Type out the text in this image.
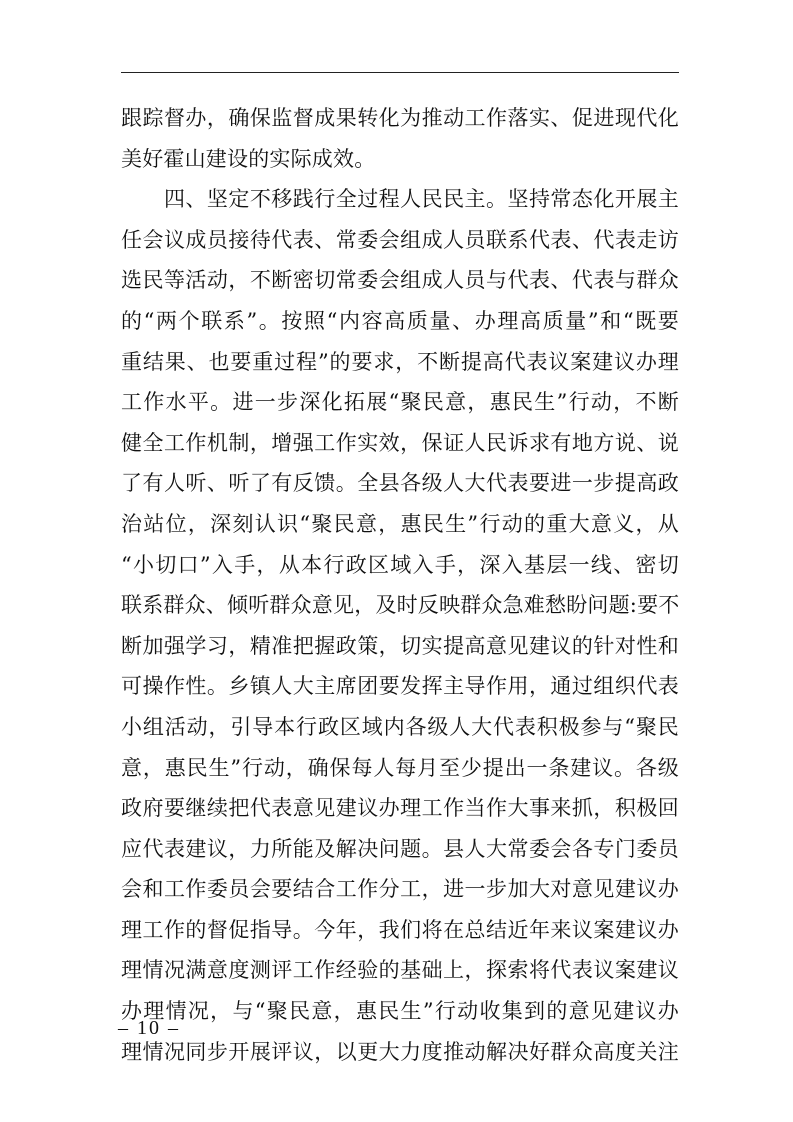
跟踪督办，确保监督成果转化为推动工作落实、促进现代化
美好霍山建设的实际成效。
　　四、坚定不移践行全过程人民民主。坚持常态化开展主
任会议成员接待代表、常委会组成人员联系代表、代表走访
选民等活动，不断密切常委会组成人员与代表、代表与群众
的“两个联系”。按照“内容高质量、办理高质量”和“既要
重结果、也要重过程”的要求，不断提高代表议案建议办理
工作水平。进一步深化拓展“聚民意，惠民生”行动，不断
健全工作机制，增强工作实效，保证人民诉求有地方说、说
了有人听、听了有反馈。全县各级人大代表要进一步提高政
治站位，深刻认识“聚民意，惠民生”行动的重大意义，从
“小切口”入手，从本行政区域入手，深入基层一线、密切
联系群众、倾听群众意见，及时反映群众急难愁盼问题:要不
断加强学习，精准把握政策，切实提高意见建议的针对性和
可操作性。乡镇人大主席团要发挥主导作用，通过组织代表
小组活动，引导本行政区域内各级人大代表积极参与“聚民
意，惠民生”行动，确保每人每月至少提出一条建议。各级
政府要继续把代表意见建议办理工作当作大事来抓，积极回
应代表建议，力所能及解决问题。县人大常委会各专门委员
会和工作委员会要结合工作分工，进一步加大对意见建议办
理工作的督促指导。今年，我们将在总结近年来议案建议办
理情况满意度测评工作经验的基础上，探索将代表议案建议
办理情况，与“聚民意，惠民生”行动收集到的意见建议办
理情况同步开展评议，以更大力度推动解决好群众高度关注
– 10 –
